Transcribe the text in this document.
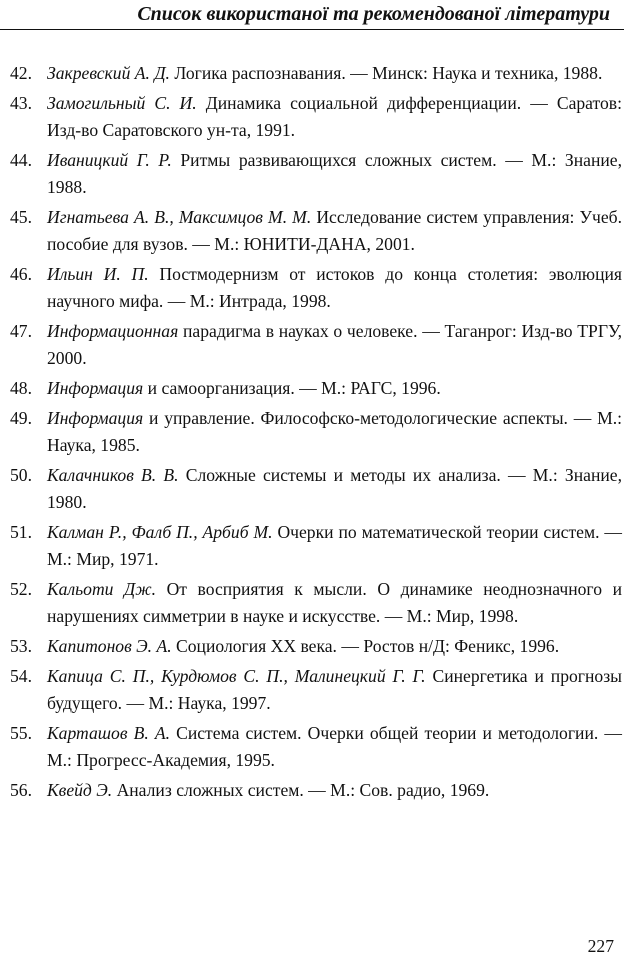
Список використаної та рекомендованої літератури
42. Закревский А. Д. Логика распознавания. — Минск: Наука и техника, 1988.
43. Замогильный С. И. Динамика социальной дифференциации. — Саратов: Изд-во Саратовского ун-та, 1991.
44. Иваницкий Г. Р. Ритмы развивающихся сложных систем. — М.: Знание, 1988.
45. Игнатьева А. В., Максимцов М. М. Исследование систем управления: Учеб. пособие для вузов. — М.: ЮНИТИ-ДАНА, 2001.
46. Ильин И. П. Постмодернизм от истоков до конца столетия: эволюция научного мифа. — М.: Интрада, 1998.
47. Информационная парадигма в науках о человеке. — Таганрог: Изд-во ТРГУ, 2000.
48. Информация и самоорганизация. — М.: РАГС, 1996.
49. Информация и управление. Философско-методологические аспекты. — М.: Наука, 1985.
50. Калачников В. В. Сложные системы и методы их анализа. — М.: Знание, 1980.
51. Калман Р., Фалб П., Арбиб М. Очерки по математической теории систем. — М.: Мир, 1971.
52. Кальоти Дж. От восприятия к мысли. О динамике неоднозначного и нарушениях симметрии в науке и искусстве. — М.: Мир, 1998.
53. Капитонов Э. А. Социология XX века. — Ростов н/Д: Феникс, 1996.
54. Капица С. П., Курдюмов С. П., Малинецкий Г. Г. Синергетика и прогнозы будущего. — М.: Наука, 1997.
55. Карташов В. А. Система систем. Очерки общей теории и методологии. — М.: Прогресс-Академия, 1995.
56. Квейд Э. Анализ сложных систем. — М.: Сов. радио, 1969.
227
